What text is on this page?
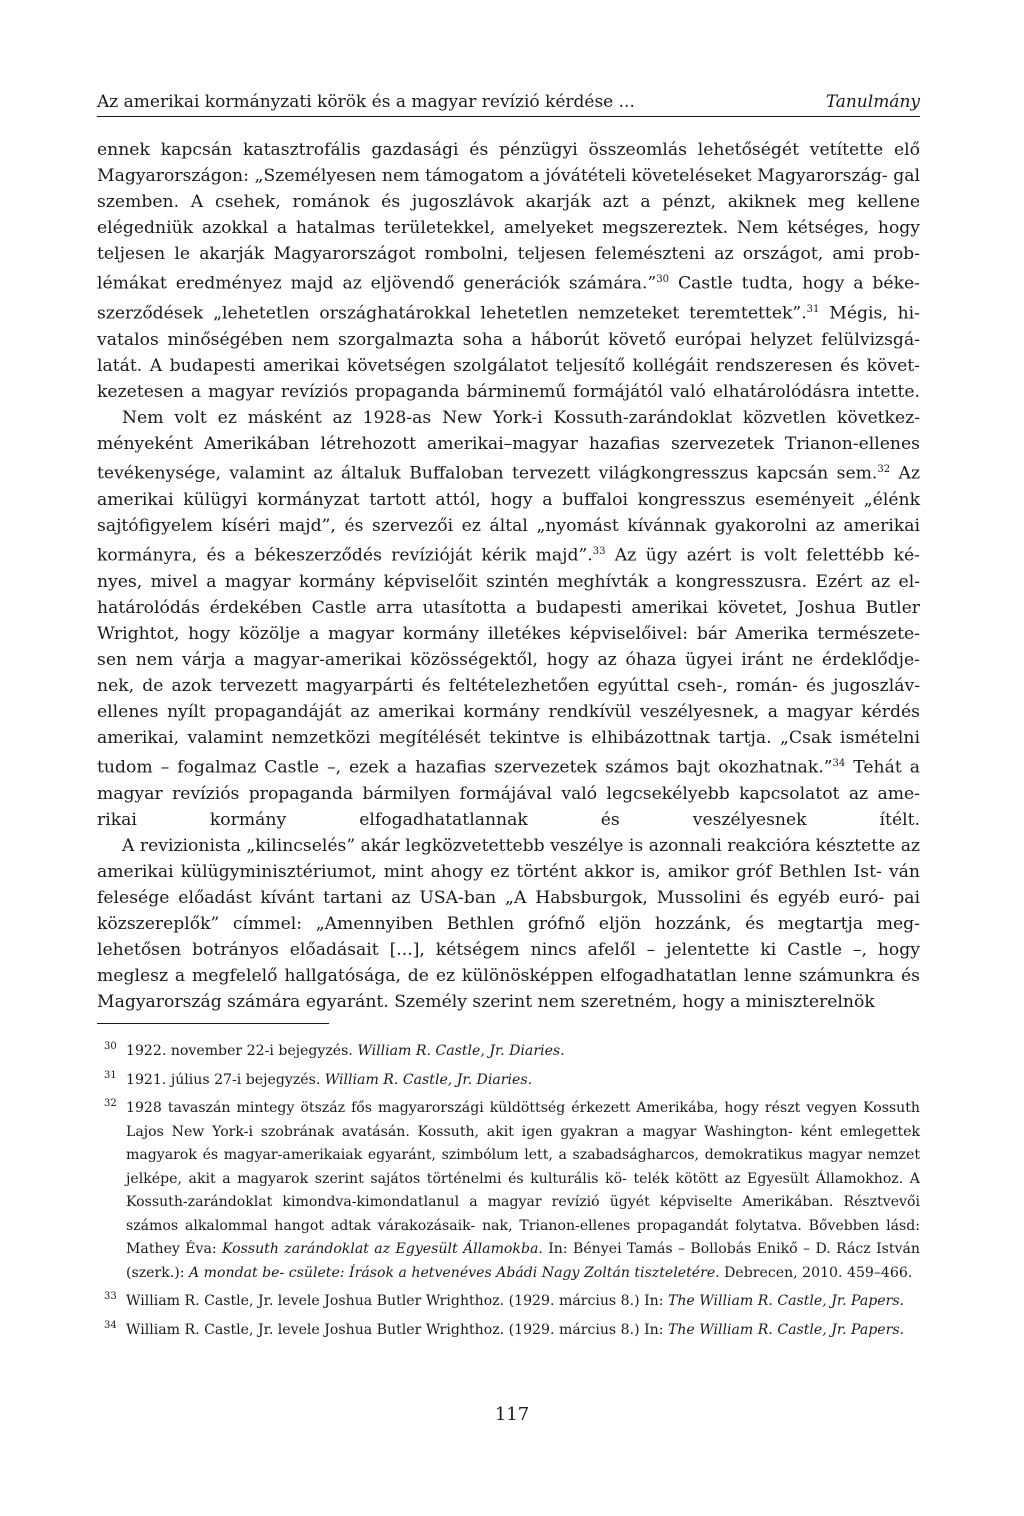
Az amerikai kormányzati körök és a magyar revízió kérdése ...	Tanulmány

ennek kapcsán katasztrofális gazdasági és pénzügyi összeomlás lehetőségét vetítette elő Magyarországon: „Személyesen nem támogatom a jóvátételi követeléseket Magyarország- gal szemben. A csehek, románok és jugoszlávok akarják azt a pénzt, akiknek meg kellene elégedniük azokkal a hatalmas területekkel, amelyeket megszereztek. Nem kétséges, hogy teljesen le akarják Magyarországot rombolni, teljesen felemészteni az országot, ami prob- lémákat eredményez majd az eljövendő generációk számára.”$^{30}$ Castle tudta, hogy a béke- szerződések „lehetetlen országhatárokkal lehetetlen nemzeteket teremtettek”.$^{31}$ Mégis, hi- vatalos minőségében nem szorgalmazta soha a háborút követő európai helyzet felülvizsgá- latát. A budapesti amerikai követségen szolgálatot teljesítő kollégáit rendszeresen és követ- kezetesen a magyar revíziós propaganda bárminemű formájától való elhatárolódásra intette.

Nem volt ez másként az 1928-as New York-i Kossuth-zarándoklat közvetlen következ- ményeként Amerikában létrehozott amerikai–magyar hazafias szervezetek Trianon-ellenes tevékenysége, valamint az általuk Buffaloban tervezett világkongresszus kapcsán sem.$^{32}$ Az amerikai külügyi kormányzat tartott attól, hogy a buffaloi kongresszus eseményeit „élénk sajtófigyelem kíséri majd”, és szervezői ez által „nyomást kívánnak gyakorolni az amerikai kormányra, és a békeszerződés revízióját kérik majd”.$^{33}$ Az ügy azért is volt felettébb ké- nyes, mivel a magyar kormány képviselőit szintén meghívták a kongresszusra. Ezért az el- határolódás érdekében Castle arra utasította a budapesti amerikai követet, Joshua Butler Wrightot, hogy közölje a magyar kormány illetékes képviselőivel: bár Amerika természete- sen nem várja a magyar-amerikai közösségektől, hogy az óhaza ügyei iránt ne érdeklődje- nek, de azok tervezett magyarpárti és feltételezhetően egyúttal cseh-, román- és jugoszláv- ellenes nyílt propagandáját az amerikai kormány rendkívül veszélyesnek, a magyar kérdés amerikai, valamint nemzetközi megítélését tekintve is elhibázottnak tartja. „Csak ismételni tudom – fogalmaz Castle –, ezek a hazafias szervezetek számos bajt okozhatnak.”$^{34}$ Tehát a magyar revíziós propaganda bármilyen formájával való legcsekélyebb kapcsolatot az ame- rikai kormány elfogadhatatlannak és veszélyesnek ítélt.

A revizionista „kilincselés” akár legközvetettebb veszélye is azonnali reakcióra késztette az amerikai külügyminisztériumot, mint ahogy ez történt akkor is, amikor gróf Bethlen Ist- ván felesége előadást kívánt tartani az USA-ban „A Habsburgok, Mussolini és egyéb euró- pai közszereplők” címmel: „Amennyiben Bethlen grófnő eljön hozzánk, és megtartja meg- lehetősen botrányos előadásait [...], kétségem nincs afelől – jelentette ki Castle –, hogy meglesz a megfelelő hallgatósága, de ez különösképpen elfogadhatatlan lenne számunkra és Magyarország számára egyaránt. Személy szerint nem szeretném, hogy a miniszterelnök

30 1922. november 22-i bejegyzés. William R. Castle, Jr. Diaries.
31 1921. július 27-i bejegyzés. William R. Castle, Jr. Diaries.
32 1928 tavaszán mintegy ötszáz fős magyarországi küldöttség érkezett Amerikába, hogy részt vegyen Kossuth Lajos New York-i szobrának avatásán. Kossuth, akit igen gyakran a magyar Washington- ként emlegettek magyarok és magyar-amerikaiak egyaránt, szimbólum lett, a szabadságharcos, demokratikus magyar nemzet jelképe, akit a magyarok szerint sajátos történelmi és kulturális kö- telék kötött az Egyesült Államokhoz. A Kossuth-zarándoklat kimondva-kimondatlanul a magyar revízió ügyét képviselte Amerikában. Résztvevői számos alkalommal hangot adtak várakozásaik- nak, Trianon-ellenes propagandát folytatva. Bővebben lásd: Mathey Éva: Kossuth zarándoklat az Egyesült Államokba. In: Bényei Tamás – Bollobás Enikő – D. Rácz István (szerk.): A mondat be- csülete: Írások a hetvenéves Abádi Nagy Zoltán tiszteletére. Debrecen, 2010. 459–466.
33 William R. Castle, Jr. levele Joshua Butler Wrighthoz. (1929. március 8.) In: The William R. Castle, Jr. Papers.
34 William R. Castle, Jr. levele Joshua Butler Wrighthoz. (1929. március 8.) In: The William R. Castle, Jr. Papers.
117
